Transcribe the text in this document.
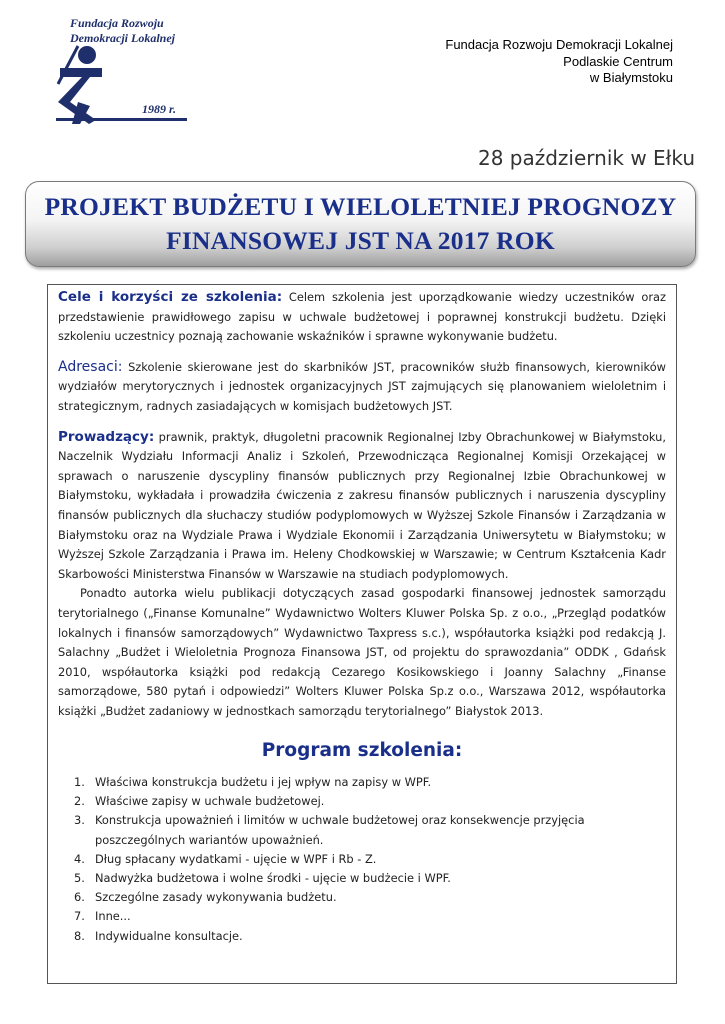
Fundacja Rozwoju
Demokracji Lokalnej
1989 r.
Fundacja Rozwoju Demokracji Lokalnej
Podlaskie Centrum
w Białymstoku
28 październik w Ełku
PROJEKT BUDŻETU I WIELOLETNIEJ PROGNOZY
FINANSOWEJ JST NA 2017 ROK

Cele i korzyści ze szkolenia: Celem szkolenia jest uporządkowanie wiedzy uczestników oraz przedstawienie prawidłowego zapisu w uchwale budżetowej i poprawnej konstrukcji budżetu. Dzięki szkoleniu uczestnicy poznają zachowanie wskaźników i sprawne wykonywanie budżetu.

Adresaci: Szkolenie skierowane jest do skarbników JST, pracowników służb finansowych, kierowników wydziałów merytorycznych i jednostek organizacyjnych JST zajmujących się planowaniem wieloletnim i strategicznym, radnych zasiadających w komisjach budżetowych JST.

Prowadzący: prawnik, praktyk, długoletni pracownik Regionalnej Izby Obrachunkowej w Białymstoku, Naczelnik Wydziału Informacji Analiz i Szkoleń, Przewodnicząca Regionalnej Komisji Orzekającej w sprawach o naruszenie dyscypliny finansów publicznych przy Regionalnej Izbie Obrachunkowej w Białymstoku, wykładała i prowadziła ćwiczenia z zakresu finansów publicznych i naruszenia dyscypliny finansów publicznych dla słuchaczy studiów podyplomowych w Wyższej Szkole Finansów i Zarządzania w Białymstoku oraz na Wydziale Prawa i Wydziale Ekonomii i Zarządzania Uniwersytetu w Białymstoku; w Wyższej Szkole Zarządzania i Prawa im. Heleny Chodkowskiej w Warszawie; w Centrum Kształcenia Kadr Skarbowości Ministerstwa Finansów w Warszawie na studiach podyplomowych.

Ponadto autorka wielu publikacji dotyczących zasad gospodarki finansowej jednostek samorządu terytorialnego („Finanse Komunalne” Wydawnictwo Wolters Kluwer Polska Sp. z o.o., „Przegląd podatków lokalnych i finansów samorządowych” Wydawnictwo Taxpress s.c.), współautorka książki pod redakcją J. Salachny „Budżet i Wieloletnia Prognoza Finansowa JST, od projektu do sprawozdania” ODDK , Gdańsk 2010, współautorka książki pod redakcją Cezarego Kosikowskiego i Joanny Salachny „Finanse samorządowe, 580 pytań i odpowiedzi” Wolters Kluwer Polska Sp.z o.o., Warszawa 2012, współautorka książki „Budżet zadaniowy w jednostkach samorządu terytorialnego” Białystok 2013.

Program szkolenia:
1. Właściwa konstrukcja budżetu i jej wpływ na zapisy w WPF.
2. Właściwe zapisy w uchwale budżetowej.
3. Konstrukcja upoważnień i limitów w uchwale budżetowej oraz konsekwencje przyjęcia poszczególnych wariantów upoważnień.
4. Dług spłacany wydatkami - ujęcie w WPF i Rb - Z.
5. Nadwyżka budżetowa i wolne środki - ujęcie w budżecie i WPF.
6. Szczególne zasady wykonywania budżetu.
7. Inne...
8. Indywidualne konsultacje.
